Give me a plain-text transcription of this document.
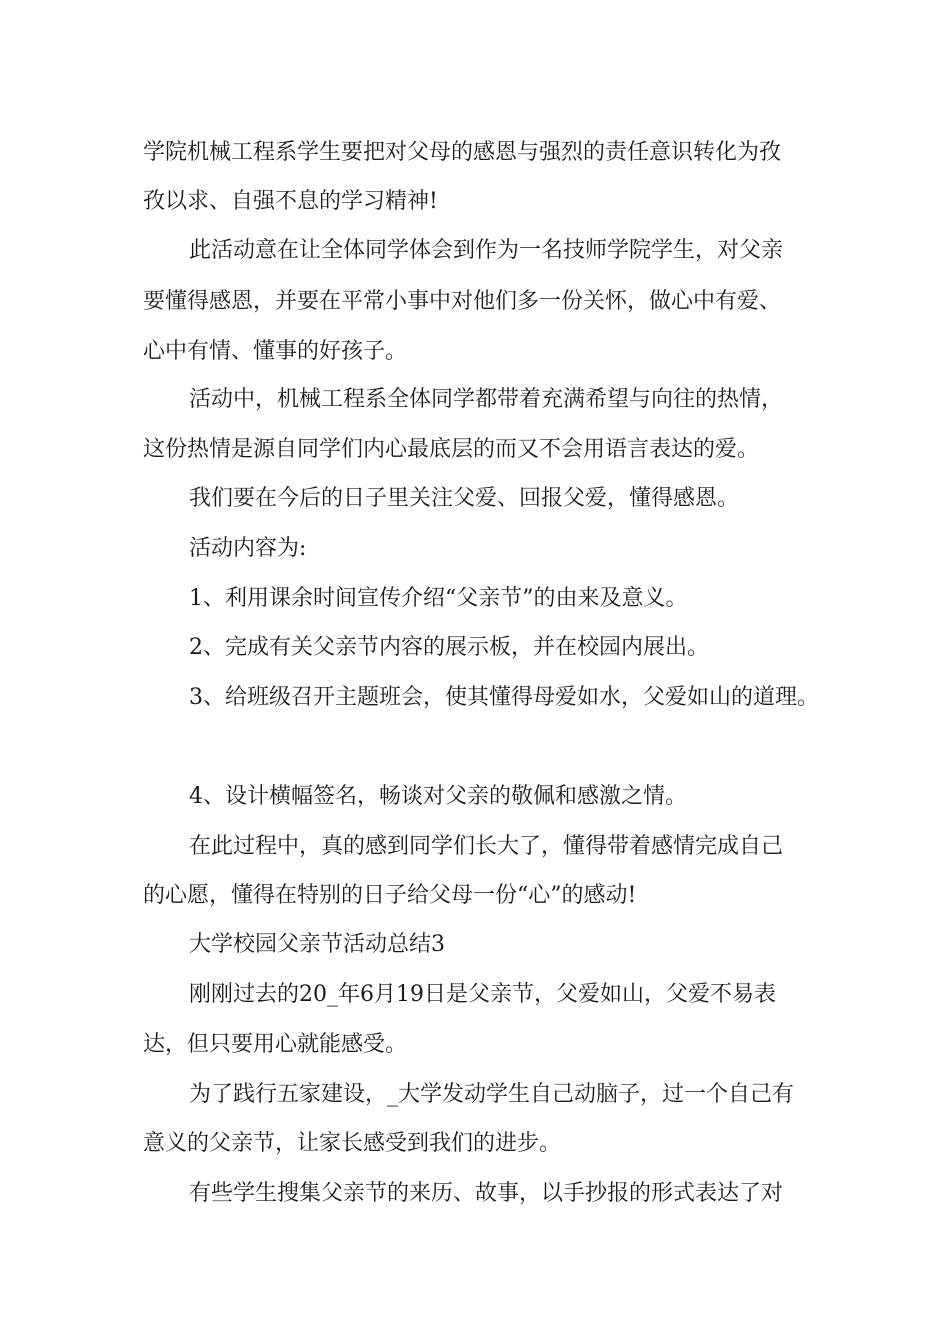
学院机械工程系学生要把对父母的感恩与强烈的责任意识转化为孜
孜以求、自强不息的学习精神!
此活动意在让全体同学体会到作为一名技师学院学生，对父亲
要懂得感恩，并要在平常小事中对他们多一份关怀，做心中有爱、
心中有情、懂事的好孩子。
活动中，机械工程系全体同学都带着充满希望与向往的热情，
这份热情是源自同学们内心最底层的而又不会用语言表达的爱。
我们要在今后的日子里关注父爱、回报父爱，懂得感恩。
活动内容为:
1、利用课余时间宣传介绍“父亲节”的由来及意义。
2、完成有关父亲节内容的展示板，并在校园内展出。
3、给班级召开主题班会，使其懂得母爱如水，父爱如山的道理。
4、设计横幅签名，畅谈对父亲的敬佩和感激之情。
在此过程中，真的感到同学们长大了，懂得带着感情完成自己
的心愿，懂得在特别的日子给父母一份“心”的感动!
大学校园父亲节活动总结3
刚刚过去的20_年6月19日是父亲节，父爱如山，父爱不易表
达，但只要用心就能感受。
为了践行五家建设，_大学发动学生自己动脑子，过一个自己有
意义的父亲节，让家长感受到我们的进步。
有些学生搜集父亲节的来历、故事，以手抄报的形式表达了对
